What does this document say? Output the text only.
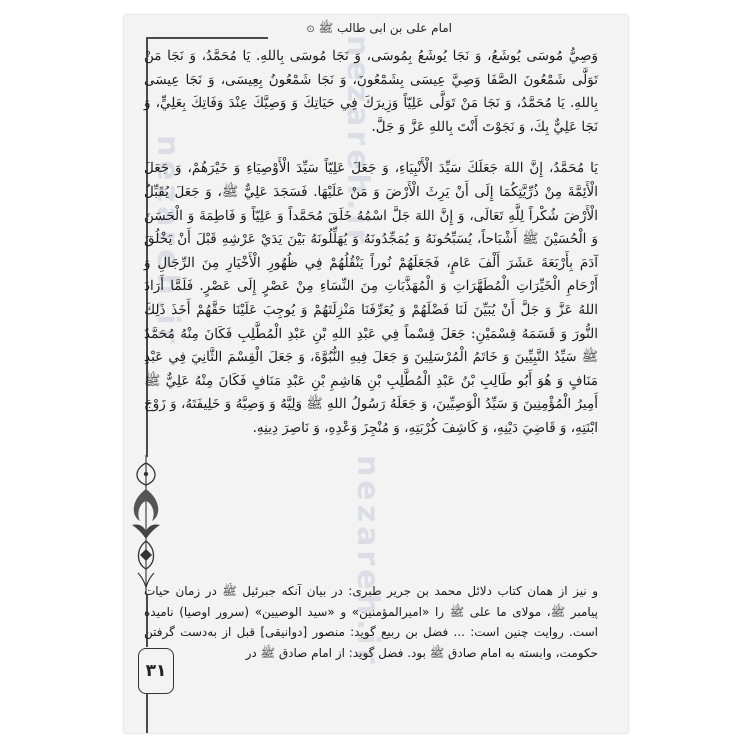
nezareh.ir	nezareh.ir
nezareh.ir
امام علی بن ابی طالب ﷺ ⊙

وَصِيُّ مُوسَى يُوشَعُ، وَ نَجَا يُوشَعُ بِمُوسَى، وَ نَجَا مُوسَى بِاللهِ. يَا مُحَمَّدُ، وَ نَجَا مَنْ تَوَلَّى شَمْعُونَ الصَّفَا وَصِيَّ عِيسَى بِشَمْعُونَ، وَ نَجَا شَمْعُونُ بِعِيسَى، وَ نَجَا عِيسَى بِاللهِ. يَا مُحَمَّدُ، وَ نَجَا مَنْ تَوَلَّى عَلِيّاً وَزِيرَكَ فِي حَيَاتِكَ وَ وَصِيَّكَ عِنْدَ وَفَاتِكَ بِعَلِيٍّ، وَ نَجَا عَلِيٌّ بِكَ، وَ نَجَوْتَ أَنْتَ بِاللهِ عَزَّ وَ جَلَّ.

يَا مُحَمَّدُ، إِنَّ اللهَ جَعَلَكَ سَيِّدَ الْأَنْبِيَاءِ، وَ جَعَلَ عَلِيّاً سَيِّدَ الْأَوْصِيَاءِ وَ خَيْرَهُمْ، وَ جَعَلَ الْأَئِمَّةَ مِنْ ذُرِّيَّتِكُمَا إِلَى أَنْ يَرِثَ الْأَرْضَ وَ مَنْ عَلَيْهَا. فَسَجَدَ عَلِيٌّ ﷺ، وَ جَعَلَ يُقَبِّلُ الْأَرْضَ شُكْراً لِلَّهِ تَعَالَى، وَ إِنَّ اللهَ جَلَّ اسْمُهُ خَلَقَ مُحَمَّداً وَ عَلِيّاً وَ فَاطِمَةَ وَ الْحَسَنَ وَ الْحُسَيْنَ ﷺ أَشْبَاحاً، يُسَبِّحُونَهُ وَ يُمَجِّدُونَهُ وَ يُهَلِّلُونَهُ بَيْنَ يَدَيْ عَرْشِهِ قَبْلَ أَنْ يَخْلُقَ آدَمَ بِأَرْبَعَةَ عَشَرَ أَلْفَ عَامٍ، فَجَعَلَهُمْ نُوراً يَنْقُلُهُمْ فِي ظُهُورِ الْأَخْيَارِ مِنَ الرِّجَالِ وَ أَرْحَامِ الْخَيِّرَاتِ الْمُطَهَّرَاتِ وَ الْمُهَذَّبَاتِ مِنَ النِّسَاءِ مِنْ عَصْرٍ إِلَى عَصْرٍ. فَلَمَّا أَرَادَ اللهُ عَزَّ وَ جَلَّ أَنْ يُبَيِّنَ لَنَا فَضْلَهُمْ وَ يُعَرِّفَنَا مَنْزِلَتَهُمْ وَ يُوجِبَ عَلَيْنَا حَقَّهُمْ أَخَذَ ذَلِكَ النُّورَ وَ قَسَمَهُ قِسْمَيْنِ: جَعَلَ قِسْماً فِي عَبْدِ اللهِ بْنِ عَبْدِ الْمُطَّلِبِ فَكَانَ مِنْهُ مُحَمَّدٌ ﷺ سَيِّدُ النَّبِيِّينَ وَ خَاتَمُ الْمُرْسَلِينَ وَ جَعَلَ فِيهِ النُّبُوَّةَ، وَ جَعَلَ الْقِسْمَ الثَّانِيَ فِي عَبْدِ مَنَافٍ وَ هُوَ أَبُو طَالِبِ بْنُ عَبْدِ الْمُطَّلِبِ بْنِ هَاشِمِ بْنِ عَبْدِ مَنَافٍ فَكَانَ مِنْهُ عَلِيٌّ ﷺ أَمِيرُ الْمُؤْمِنِينَ وَ سَيِّدُ الْوَصِيِّينَ، وَ جَعَلَهُ رَسُولُ اللهِ ﷺ وَلِيَّهُ وَ وَصِيَّهُ وَ خَلِيفَتَهُ، وَ زَوْجَ ابْنَتِهِ، وَ قَاضِيَ دَيْنِهِ، وَ كَاشِفَ كُرْبَتِهِ، وَ مُنْجِزَ وَعْدِهِ، وَ نَاصِرَ دِينِهِ.

و نیز از همان کتاب دلائل محمد بن جریر طبری: در بیان آنکه جبرئیل ﷺ در زمان حیات پیامبر ﷺ، مولای ما علی ﷺ را «امیرالمؤمنین» و «سید الوصیین» (سرور اوصیا) نامیده است. روایت چنین است: ... فضل بن ربیع گوید: منصور [دوانیقی] قبل از به‌دست گرفتن حکومت، وابسته به امام صادق ﷺ بود. فضل گوید: از امام صادق ﷺ در
۳۱
